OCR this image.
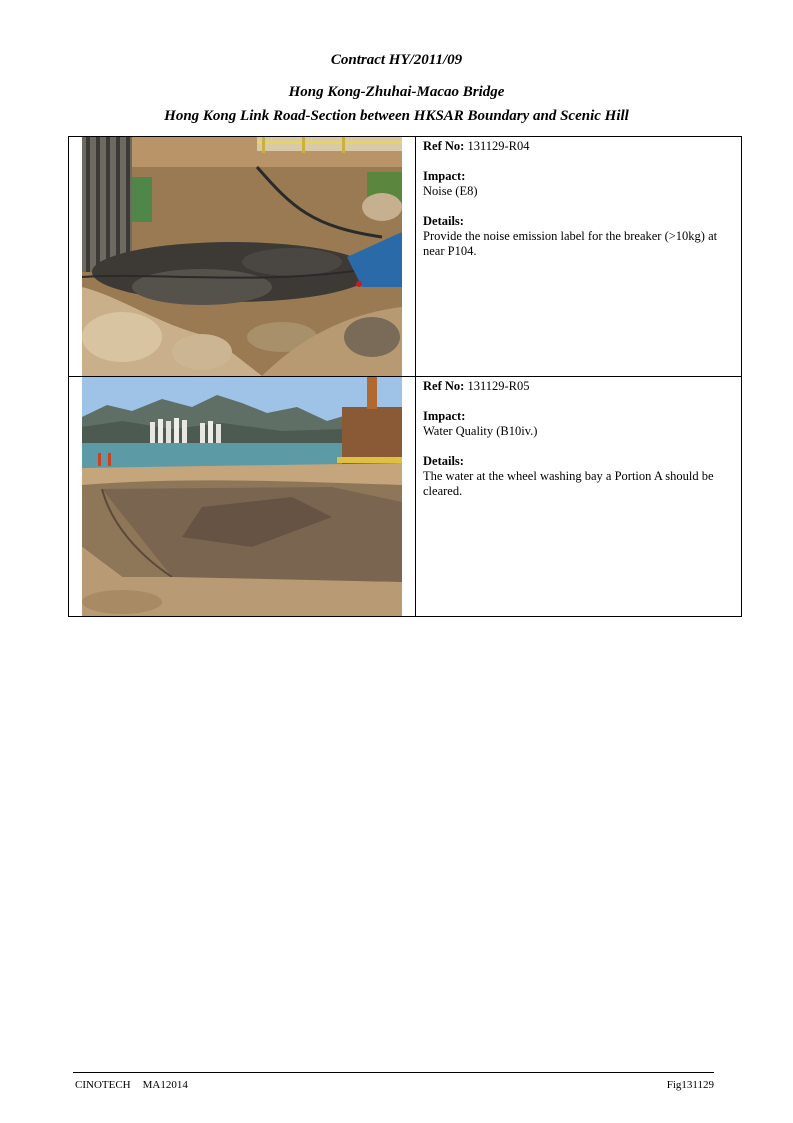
Contract HY/2011/09
Hong Kong-Zhuhai-Macao Bridge
Hong Kong Link Road-Section between HKSAR Boundary and Scenic Hill

Ref No: 131129-R04
Impact:
Noise (E8)
Details:
Provide the noise emission label for the breaker (>10kg) at near P104.

Ref No: 131129-R05
Impact:
Water Quality (B10iv.)
Details:
The water at the wheel washing bay a Portion A should be cleared.
CINOTECH MA12014	Fig131129
